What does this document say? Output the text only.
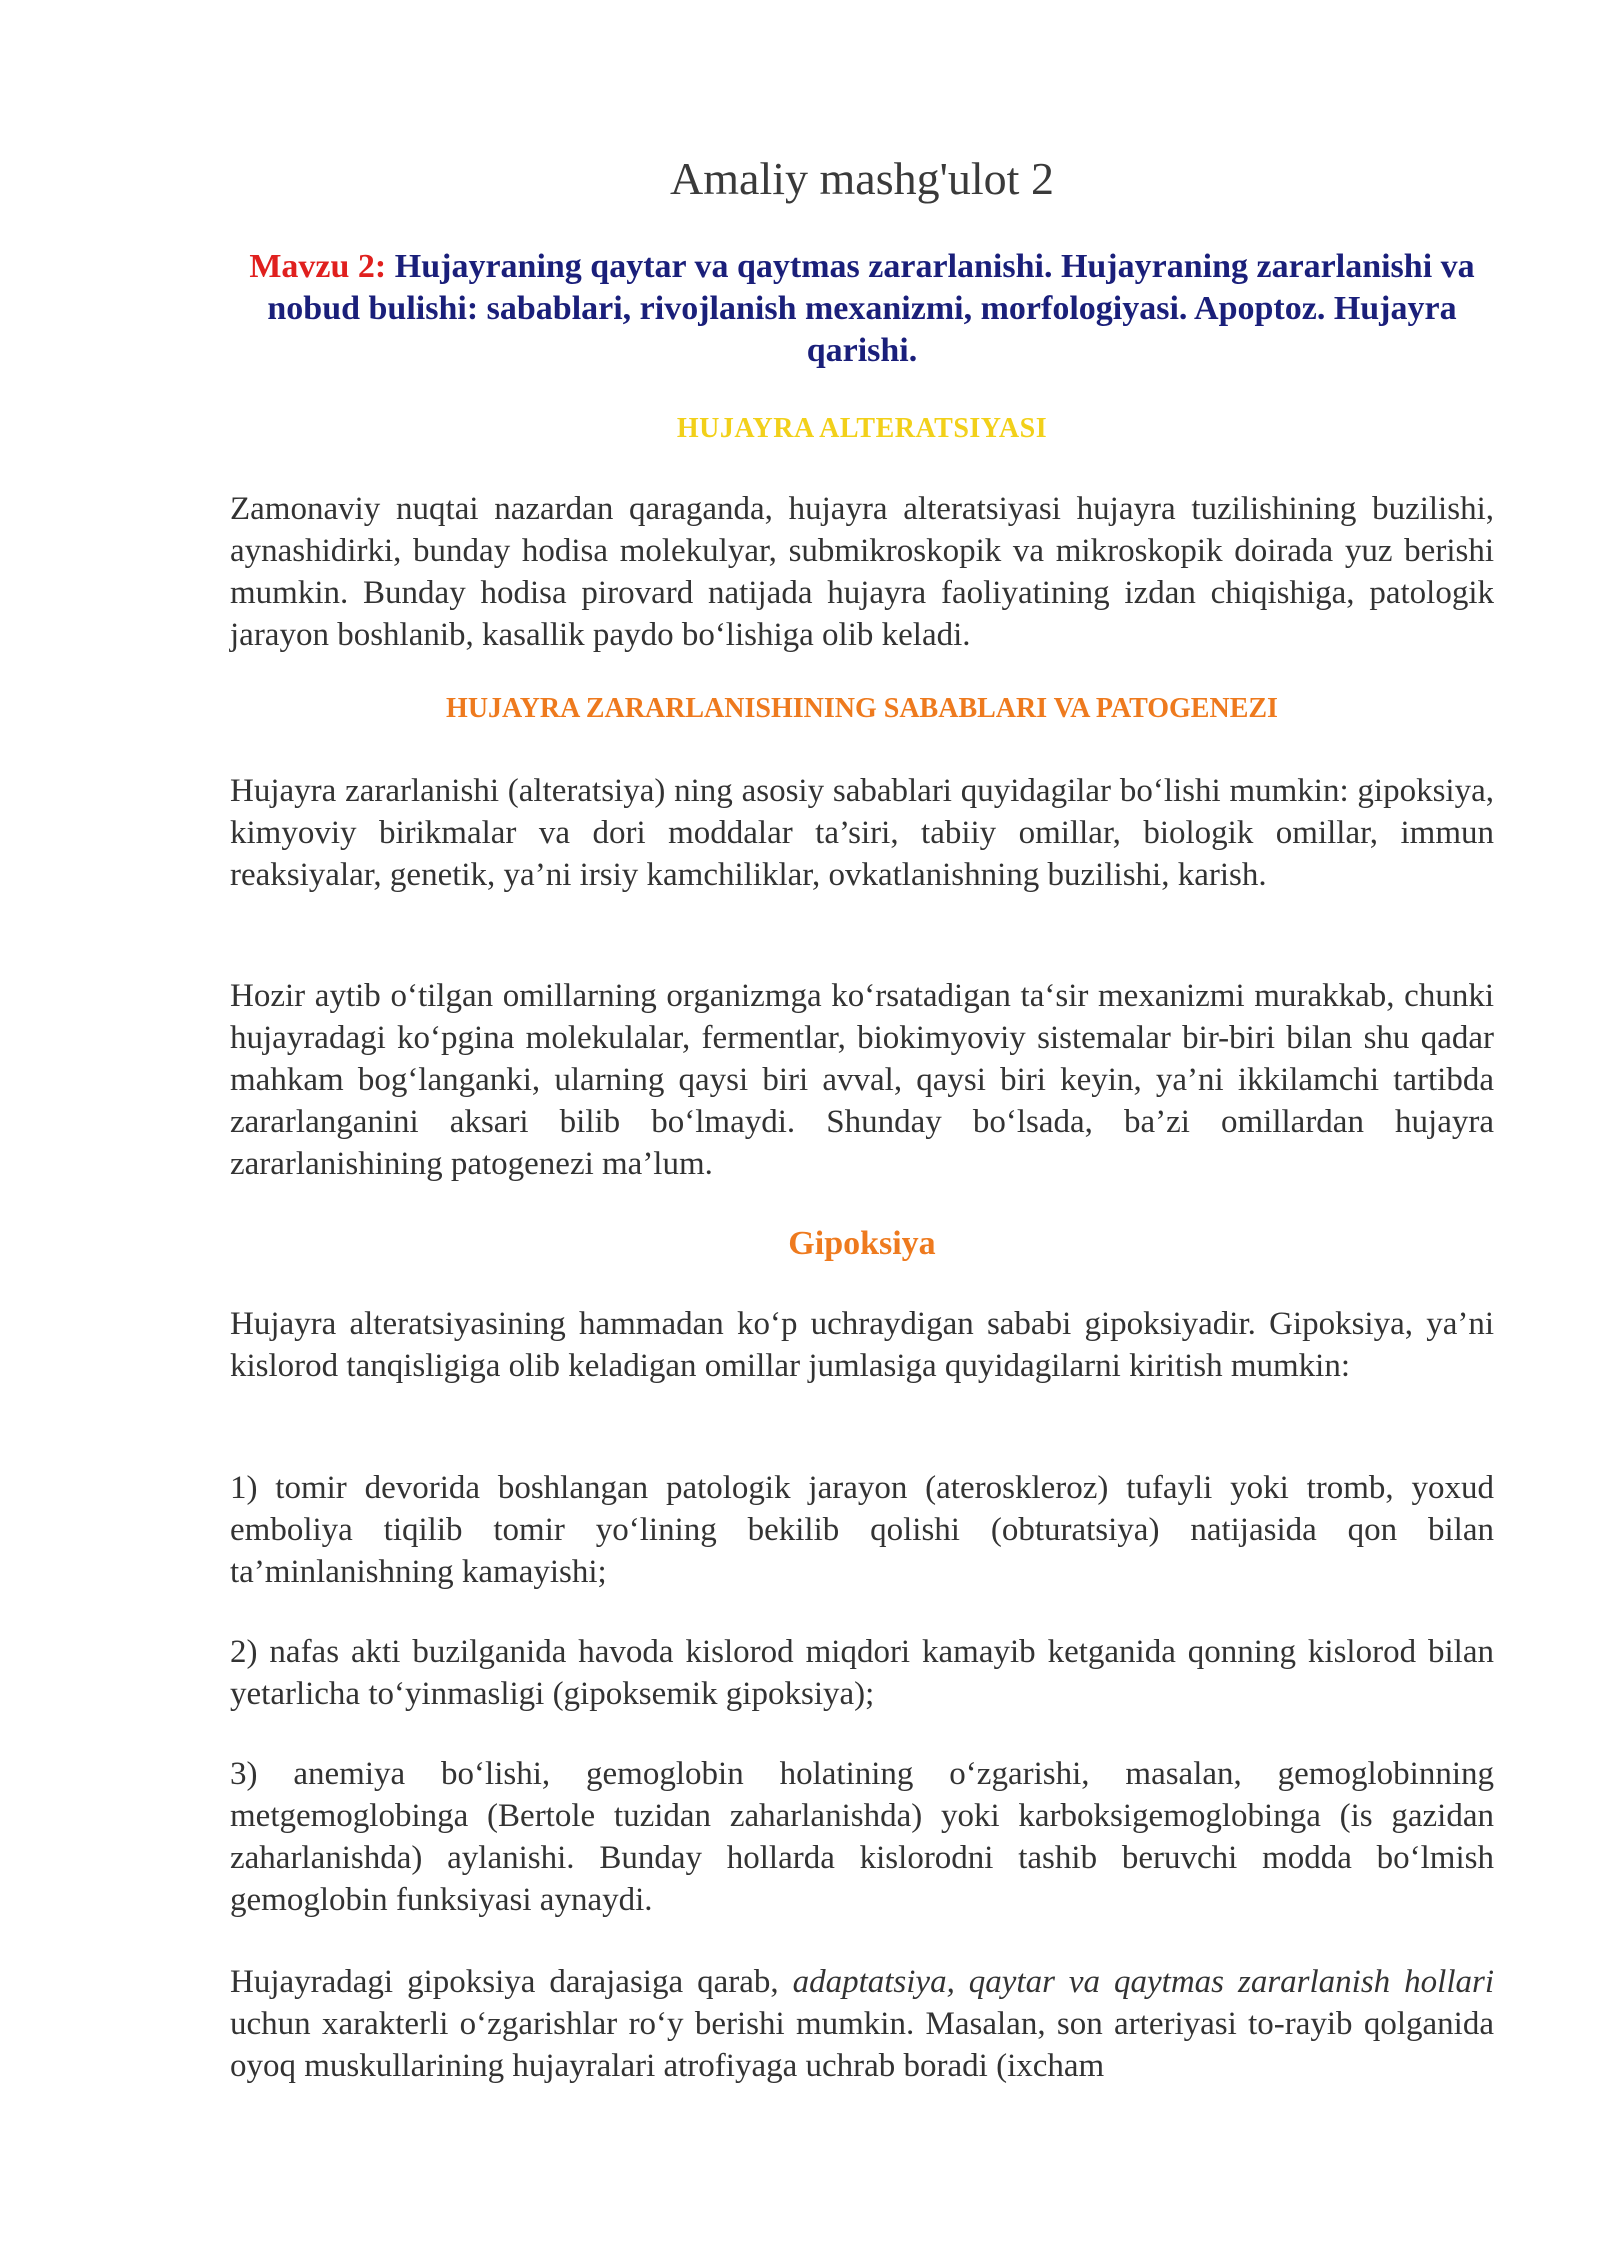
Amaliy mashg'ulot 2

Mavzu 2: Hujayraning qaytar va qaytmas zararlanishi. Hujayraning zararlanishi va nobud bulishi: sabablari, rivojlanish mexanizmi, morfologiyasi. Apoptoz. Hujayra qarishi.

HUJAYRA ALTERATSIYASI

Zamonaviy nuqtai nazardan qaraganda, hujayra alteratsiyasi hujayra tuzilishining buzilishi, aynashidirki, bunday hodisa molekulyar, submikroskopik va mikroskopik doirada yuz berishi mumkin. Bunday hodisa pirovard natijada hujayra faoliyatining izdan chiqishiga, patologik jarayon boshlanib, kasallik paydo boʻlishiga olib keladi.

HUJAYRA ZARARLANISHINING SABABLARI VA PATOGENEZI

Hujayra zararlanishi (alteratsiya) ning asosiy sabablari quyidagilar boʻlishi mumkin: gipoksiya, kimyoviy birikmalar va dori moddalar ta’siri, tabiiy omillar, biologik omillar, immun reaksiyalar, genetik, ya’ni irsiy kamchiliklar, ovkatlanishning buzilishi, karish.

Hozir aytib oʻtilgan omillarning organizmga koʻrsatadigan taʻsir mexanizmi murakkab, chunki hujayradagi koʻpgina molekulalar, fermentlar, biokimyoviy sistemalar bir-biri bilan shu qadar mahkam bogʻlanganki, ularning qaysi biri avval, qaysi biri keyin, ya’ni ikkilamchi tartibda zararlanganini aksari bilib boʻlmaydi. Shunday boʻlsada, ba’zi omillardan hujayra zararlanishining patogenezi ma’lum.

Gipoksiya

Hujayra alteratsiyasining hammadan koʻp uchraydigan sababi gipoksiyadir. Gipoksiya, ya’ni kislorod tanqisligiga olib keladigan omillar jumlasiga quyidagilarni kiritish mumkin:

1) tomir devorida boshlangan patologik jarayon (ateroskleroz) tufayli yoki tromb, yoxud emboliya tiqilib tomir yoʻlining bekilib qolishi (obturatsiya) natijasida qon bilan ta’minlanishning kamayishi;

2) nafas akti buzilganida havoda kislorod miqdori kamayib ketganida qonning kislorod bilan yetarlicha toʻyinmasligi (gipoksemik gipoksiya);

3) anemiya boʻlishi, gemoglobin holatining oʻzgarishi, masalan, gemoglobinning metgemoglobinga (Bertole tuzidan zaharlanishda) yoki karboksigemoglobinga (is gazidan zaharlanishda) aylanishi. Bunday hollarda kislorodni tashib beruvchi modda boʻlmish gemoglobin funksiyasi aynaydi.

Hujayradagi gipoksiya darajasiga qarab, adaptatsiya, qaytar va qaytmas zararlanish hollari uchun xarakterli oʻzgarishlar roʻy berishi mumkin. Masalan, son arteriyasi to-rayib qolganida oyoq muskullarining hujayralari atrofiyaga uchrab boradi (ixcham
